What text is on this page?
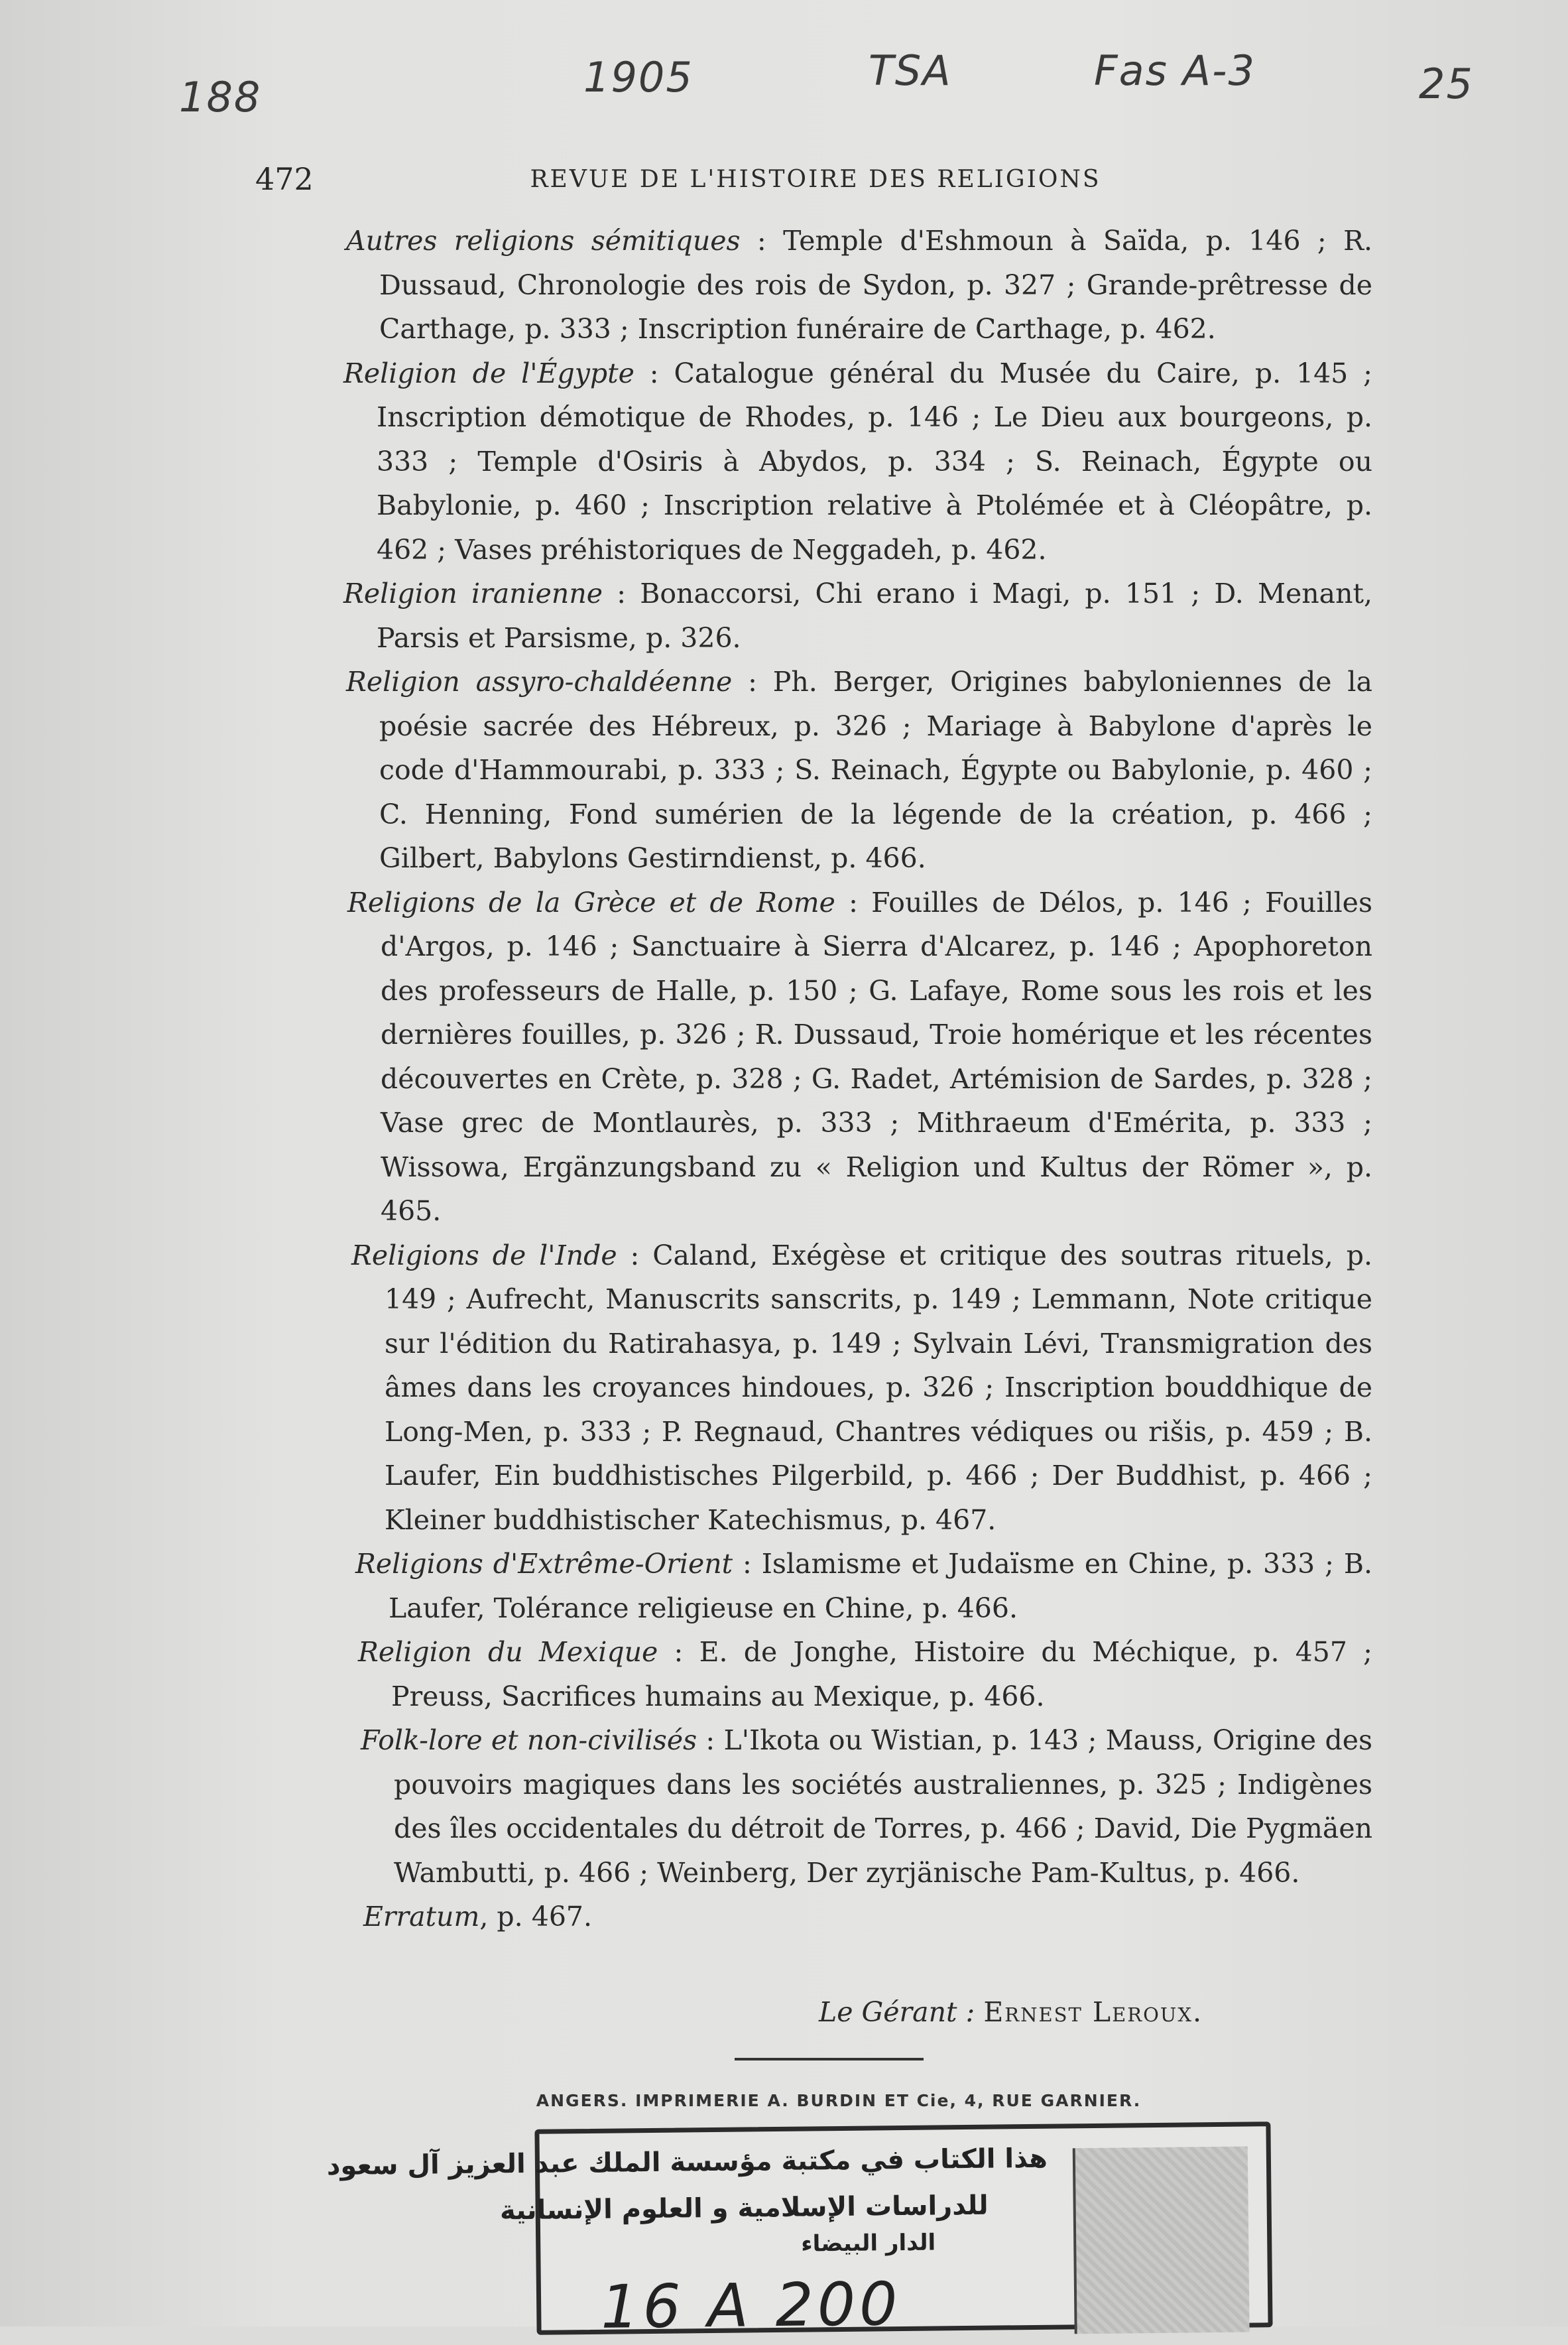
188	1905	TSA	Fas A-3	25
472	REVUE DE L'HISTOIRE DES RELIGIONS

Autres religions sémitiques : Temple d'Eshmoun à Saïda, p. 146 ; R. Dussaud, Chronologie des rois de Sydon, p. 327 ; Grande-prêtresse de Carthage, p. 333 ; Inscription funéraire de Carthage, p. 462.

Religion de l'Égypte : Catalogue général du Musée du Caire, p. 145 ; Inscription démotique de Rhodes, p. 146 ; Le Dieu aux bourgeons, p. 333 ; Temple d'Osiris à Abydos, p. 334 ; S. Reinach, Égypte ou Babylonie, p. 460 ; Inscription relative à Ptolémée et à Cléopâtre, p. 462 ; Vases préhistoriques de Neggadeh, p. 462.

Religion iranienne : Bonaccorsi, Chi erano i Magi, p. 151 ; D. Menant, Parsis et Parsisme, p. 326.

Religion assyro-chaldéenne : Ph. Berger, Origines babyloniennes de la poésie sacrée des Hébreux, p. 326 ; Mariage à Babylone d'après le code d'Hammourabi, p. 333 ; S. Reinach, Égypte ou Babylonie, p. 460 ; C. Henning, Fond sumérien de la légende de la création, p. 466 ; Gilbert, Babylons Gestirndienst, p. 466.

Religions de la Grèce et de Rome : Fouilles de Délos, p. 146 ; Fouilles d'Argos, p. 146 ; Sanctuaire à Sierra d'Alcarez, p. 146 ; Apophoreton des professeurs de Halle, p. 150 ; G. Lafaye, Rome sous les rois et les dernières fouilles, p. 326 ; R. Dussaud, Troie homérique et les récentes découvertes en Crète, p. 328 ; G. Radet, Artémision de Sardes, p. 328 ; Vase grec de Montlaurès, p. 333 ; Mithraeum d'Emérita, p. 333 ; Wissowa, Ergänzungsband zu « Religion und Kultus der Römer », p. 465.

Religions de l'Inde : Caland, Exégèse et critique des soutras rituels, p. 149 ; Aufrecht, Manuscrits sanscrits, p. 149 ; Lemmann, Note critique sur l'édition du Ratirahasya, p. 149 ; Sylvain Lévi, Transmigration des âmes dans les croyances hindoues, p. 326 ; Inscription bouddhique de Long-Men, p. 333 ; P. Regnaud, Chantres védiques ou rišis, p. 459 ; B. Laufer, Ein buddhistisches Pilgerbild, p. 466 ; Der Buddhist, p. 466 ; Kleiner buddhistischer Katechismus, p. 467.

Religions d'Extrême-Orient : Islamisme et Judaïsme en Chine, p. 333 ; B. Laufer, Tolérance religieuse en Chine, p. 466.

Religion du Mexique : E. de Jonghe, Histoire du Méchique, p. 457 ; Preuss, Sacrifices humains au Mexique, p. 466.

Folk-lore et non-civilisés : L'Ikota ou Wistian, p. 143 ; Mauss, Origine des pouvoirs magiques dans les sociétés australiennes, p. 325 ; Indigènes des îles occidentales du détroit de Torres, p. 466 ; David, Die Pygmäen Wambutti, p. 466 ; Weinberg, Der zyrjänische Pam-Kultus, p. 466.

Erratum, p. 467.

Le Gérant : Ernest Leroux.
ANGERS. IMPRIMERIE A. BURDIN ET Cie, 4, RUE GARNIER.
هذا الكتاب في مكتبة مؤسسة الملك عبد العزيز آل سعود
للدراسات الإسلامية و العلوم الإنسانية
الدار البيضاء
16 A 200
